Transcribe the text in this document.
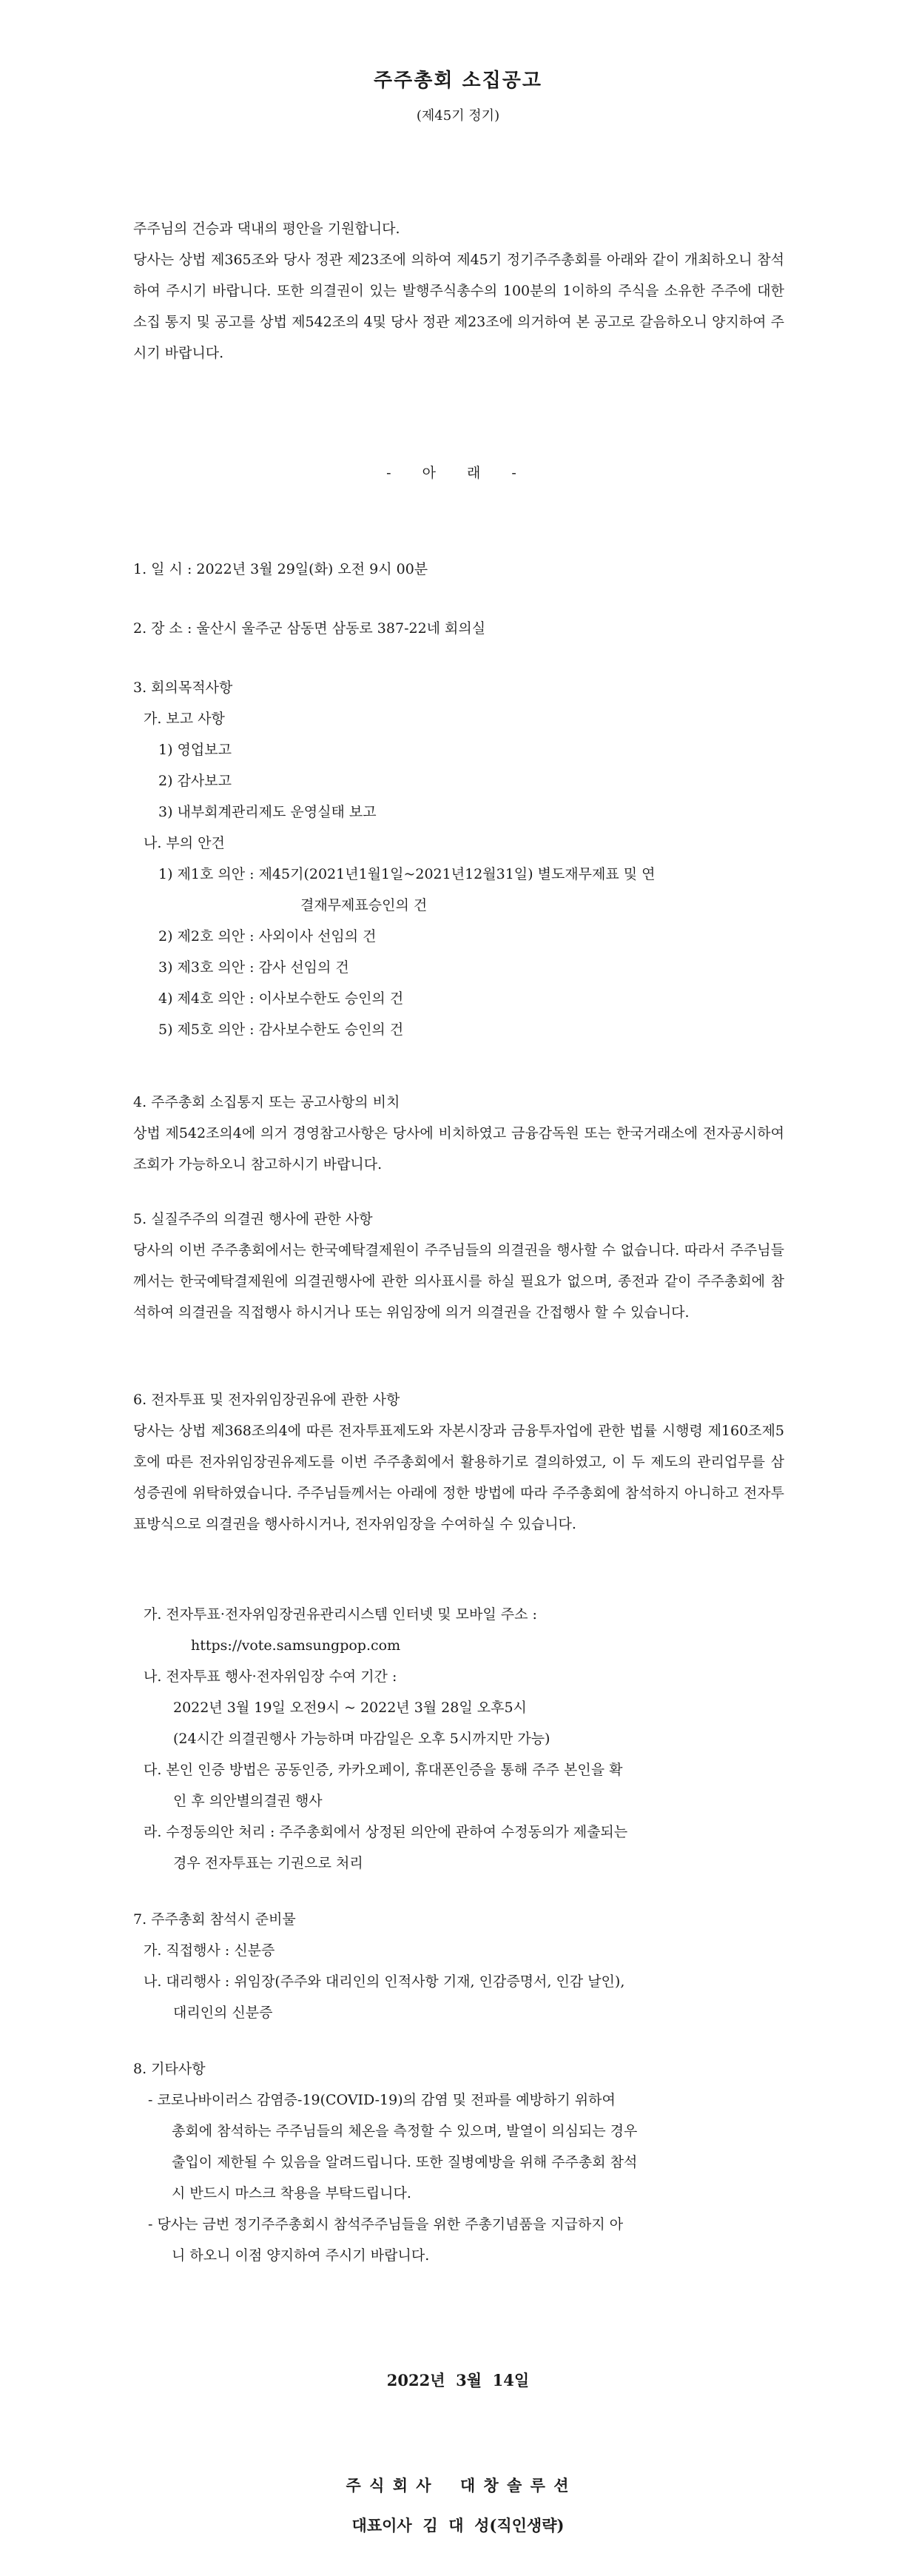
주주총회 소집공고
(제45기 정기)
주주님의 건승과 댁내의 평안을 기원합니다.
당사는 상법 제365조와 당사 정관 제23조에 의하여 제45기 정기주주총회를 아래와 같이 개최하오니 참석하여 주시기 바랍니다. 또한 의결권이 있는 발행주식총수의 100분의 1이하의 주식을 소유한 주주에 대한 소집 통지 및 공고를 상법 제542조의 4및 당사 정관 제23조에 의거하여 본 공고로 갈음하오니 양지하여 주시기 바랍니다.
- 아 래 -
1. 일 시 : 2022년 3월 29일(화) 오전 9시 00분
2. 장 소 : 울산시 울주군 삼동면 삼동로 387-22네 회의실
3. 회의목적사항
가. 보고 사항
1) 영업보고
2) 감사보고
3) 내부회계관리제도 운영실태 보고
나. 부의 안건
1) 제1호 의안 : 제45기(2021년1월1일~2021년12월31일) 별도재무제표 및 연
결재무제표승인의 건
2) 제2호 의안 : 사외이사 선임의 건
3) 제3호 의안 : 감사 선임의 건
4) 제4호 의안 : 이사보수한도 승인의 건
5) 제5호 의안 : 감사보수한도 승인의 건
4. 주주총회 소집통지 또는 공고사항의 비치
상법 제542조의4에 의거 경영참고사항은 당사에 비치하였고 금융감독원 또는 한국거래소에 전자공시하여 조회가 가능하오니 참고하시기 바랍니다.
5. 실질주주의 의결권 행사에 관한 사항
당사의 이번 주주총회에서는 한국예탁결제원이 주주님들의 의결권을 행사할 수 없습니다. 따라서 주주님들께서는 한국예탁결제원에 의결권행사에 관한 의사표시를 하실 필요가 없으며, 종전과 같이 주주총회에 참석하여 의결권을 직접행사 하시거나 또는 위임장에 의거 의결권을 간접행사 할 수 있습니다.
6. 전자투표 및 전자위임장권유에 관한 사항
당사는 상법 제368조의4에 따른 전자투표제도와 자본시장과 금융투자업에 관한 법률 시행령 제160조제5호에 따른 전자위임장권유제도를 이번 주주총회에서 활용하기로 결의하였고, 이 두 제도의 관리업무를 삼성증권에 위탁하였습니다. 주주님들께서는 아래에 정한 방법에 따라 주주총회에 참석하지 아니하고 전자투표방식으로 의결권을 행사하시거나, 전자위임장을 수여하실 수 있습니다.
가. 전자투표·전자위임장권유관리시스템 인터넷 및 모바일 주소 :
https://vote.samsungpop.com
나. 전자투표 행사·전자위임장 수여 기간 :
2022년 3월 19일 오전9시 ~ 2022년 3월 28일 오후5시
(24시간 의결권행사 가능하며 마감일은 오후 5시까지만 가능)
다. 본인 인증 방법은 공동인증, 카카오페이, 휴대폰인증을 통해 주주 본인을 확
인 후 의안별의결권 행사
라. 수정동의안 처리 : 주주총회에서 상정된 의안에 관하여 수정동의가 제출되는
경우 전자투표는 기권으로 처리
7. 주주총회 참석시 준비물
가. 직접행사 : 신분증
나. 대리행사 : 위임장(주주와 대리인의 인적사항 기재, 인감증명서, 인감 날인),
대리인의 신분증
8. 기타사항
- 코로나바이러스 감염증-19(COVID-19)의 감염 및 전파를 예방하기 위하여
총회에 참석하는 주주님들의 체온을 측정할 수 있으며, 발열이 의심되는 경우
출입이 제한될 수 있음을 알려드립니다. 또한 질병예방을 위해 주주총회 참석
시 반드시 마스크 착용을 부탁드립니다.
- 당사는 금번 정기주주총회시 참석주주님들을 위한 주총기념품을 지급하지 아
니 하오니 이점 양지하여 주시기 바랍니다.
2022년  3월  14일
주 식 회 사    대 창 솔 루 션
대표이사  김  대  성(직인생략)
